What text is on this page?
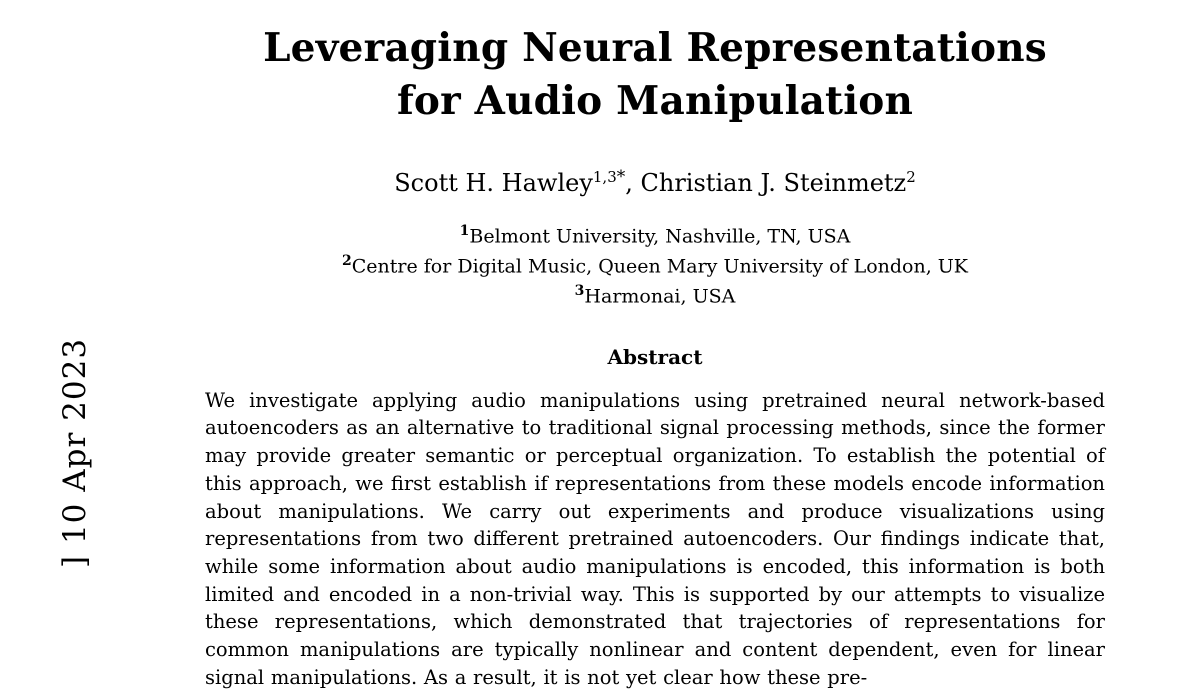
] 10 Apr 2023
Leveraging Neural Representations
for Audio Manipulation
Scott H. Hawley$^{1,3*}$, Christian J. Steinmetz$^2$
$^1$Belmont University, Nashville, TN, USA
$^2$Centre for Digital Music, Queen Mary University of London, UK
$^3$Harmonai, USA
Abstract
We investigate applying audio manipulations using pretrained neural network-based autoencoders as an alternative to traditional signal processing methods, since the former may provide greater semantic or perceptual organization. To establish the potential of this approach, we first establish if representations from these models encode information about manipulations. We carry out experiments and produce visualizations using representations from two different pretrained autoencoders. Our findings indicate that, while some information about audio manipulations is encoded, this information is both limited and encoded in a non-trivial way. This is supported by our attempts to visualize these representations, which demonstrated that trajectories of representations for common manipulations are typically nonlinear and content dependent, even for linear signal manipulations. As a result, it is not yet clear how these pre-
